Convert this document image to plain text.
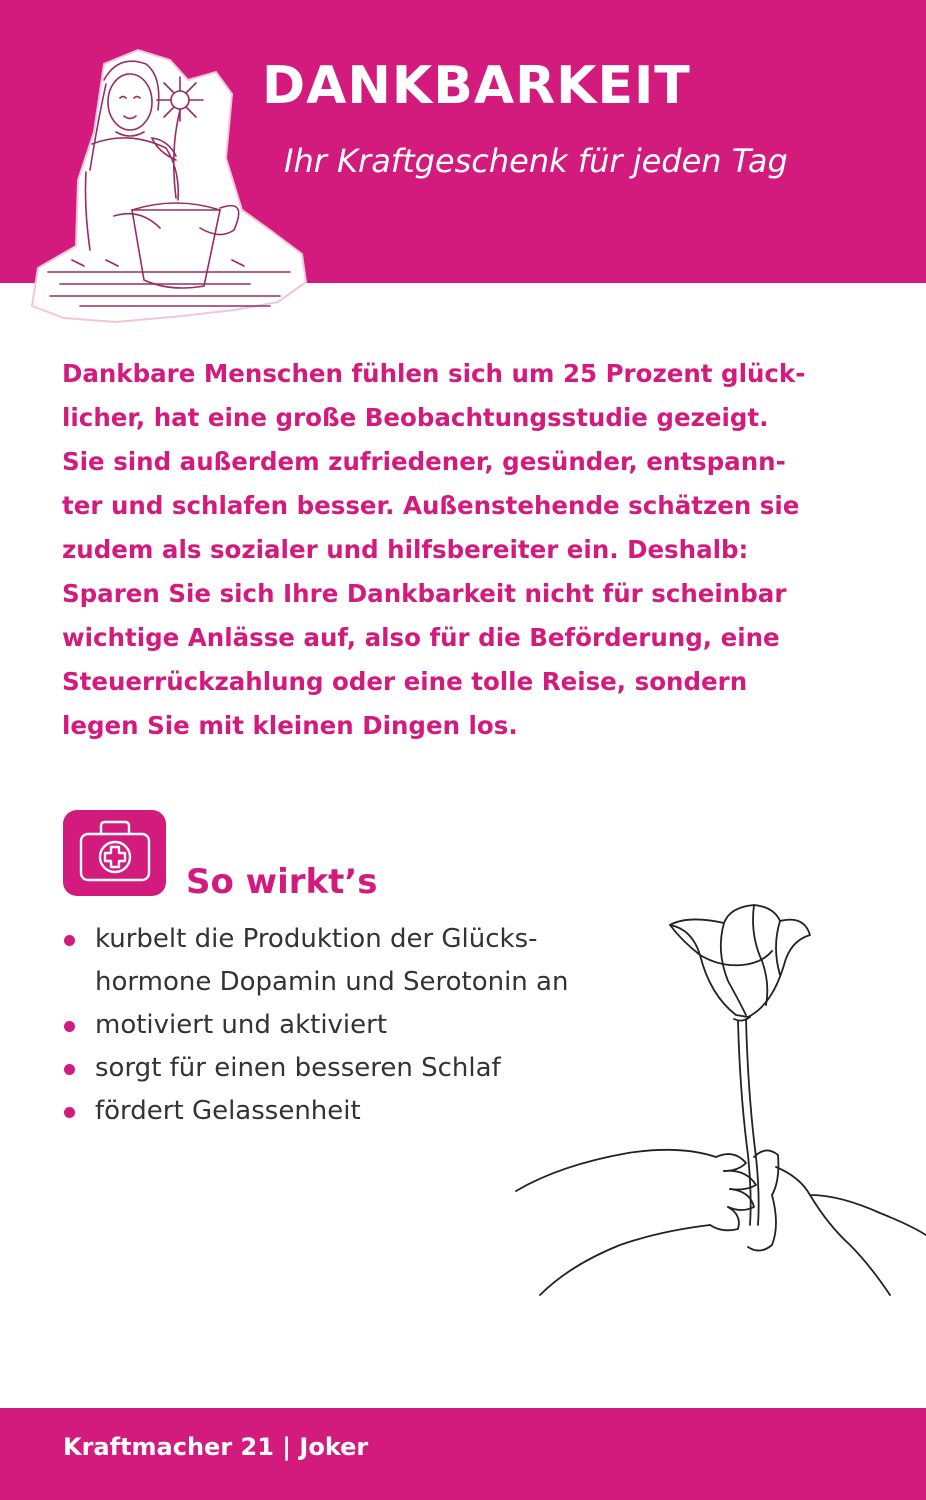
DANKBARKEIT
Ihr Kraftgeschenk für jeden Tag
Dankbare Menschen fühlen sich um 25 Prozent glück-
licher, hat eine große Beobachtungsstudie gezeigt.
Sie sind außerdem zufriedener, gesünder, entspann-
ter und schlafen besser. Außenstehende schätzen sie
zudem als sozialer und hilfsbereiter ein. Deshalb:
Sparen Sie sich Ihre Dankbarkeit nicht für scheinbar
wichtige Anlässe auf, also für die Beförderung, eine
Steuerrückzahlung oder eine tolle Reise, sondern
legen Sie mit kleinen Dingen los.
So wirkt’s
kurbelt die Produktion der Glücks-
hormone Dopamin und Serotonin an
motiviert und aktiviert
sorgt für einen besseren Schlaf
fördert Gelassenheit
Kraftmacher 21 | Joker
